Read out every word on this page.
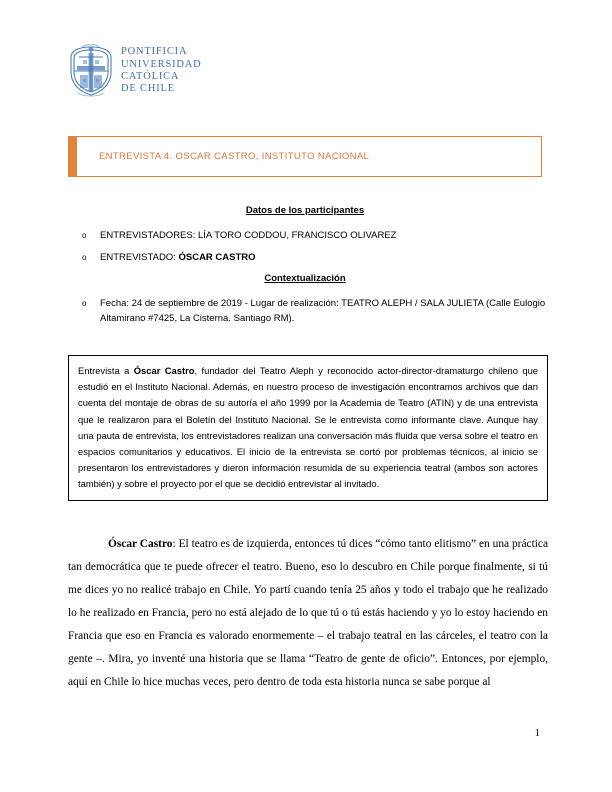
PONTIFICIA
UNIVERSIDAD
CATÓLICA
DE CHILE
ENTREVISTA 4. OSCAR CASTRO, INSTITUTO NACIONAL
Datos de los participantes
o	ENTREVISTADORES: LÍA TORO CODDOU, FRANCISCO OLIVAREZ
o	ENTREVISTADO: ÓSCAR CASTRO
Contextualización
o	Fecha: 24 de septiembre de 2019 - Lugar de realización: TEATRO ALEPH / SALA JULIETA (Calle Eulogio Altamirano #7425, La Cisterna. Santiago RM).

Entrevista a Óscar Castro, fundador del Teatro Aleph y reconocido actor-director-dramaturgo chileno que estudió en el Instituto Nacional. Además, en nuestro proceso de investigación encontramos archivos que dan cuenta del montaje de obras de su autoría el año 1999 por la Academia de Teatro (ATIN) y de una entrevista que le realizaron para el Boletín del Instituto Nacional. Se le entrevista como informante clave. Aunque hay una pauta de entrevista, los entrevistadores realizan una conversación más fluida que versa sobre el teatro en espacios comunitarios y educativos. El inicio de la entrevista se cortó por problemas técnicos, al inicio se presentaron los entrevistadores y dieron información resumida de su experiencia teatral (ambos son actores también) y sobre el proyecto por el que se decidió entrevistar al invitado.

Óscar Castro: El teatro es de izquierda, entonces tú dices “cómo tanto elitismo” en una práctica tan democrática que te puede ofrecer el teatro. Bueno, eso lo descubro en Chile porque finalmente, si tú me dices yo no realicé trabajo en Chile. Yo partí cuando tenía 25 años y todo el trabajo que he realizado lo he realizado en Francia, pero no está alejado de lo que tú o tú estás haciendo y yo lo estoy haciendo en Francia que eso en Francia es valorado enormemente – el trabajo teatral en las cárceles, el teatro con la gente –. Mira, yo inventé una historia que se llama “Teatro de gente de oficio”. Entonces, por ejemplo, aquí en Chile lo hice muchas veces, pero dentro de toda esta historia nunca se sabe porque al

1
